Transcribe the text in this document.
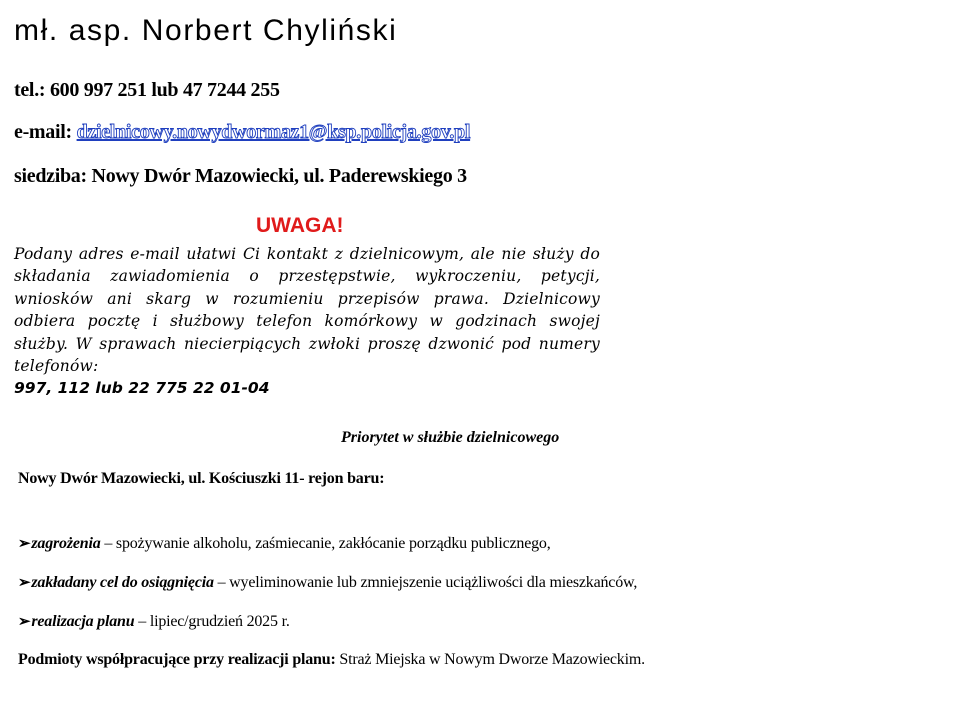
mł. asp. Norbert Chyliński
tel.: 600 997 251 lub 47 7244 255
e-mail: dzielnicowy.nowydwormaz1@ksp.policja.gov.pl
siedziba: Nowy Dwór Mazowiecki, ul. Paderewskiego 3
UWAGA!

Podany adres e-mail ułatwi Ci kontakt z dzielnicowym, ale nie służy do składania zawiadomienia o przestępstwie, wykroczeniu, petycji, wniosków ani skarg w rozumieniu przepisów prawa. Dzielnicowy odbiera pocztę i służbowy telefon komórkowy w godzinach swojej służby. W sprawach niecierpiących zwłoki proszę dzwonić pod numery telefonów:

997, 112 lub 22 775 22 01-04
Priorytet w służbie dzielnicowego
Nowy Dwór Mazowiecki, ul. Kościuszki 11- rejon baru:
➢zagrożenia – spożywanie alkoholu, zaśmiecanie, zakłócanie porządku publicznego,
➢zakładany cel do osiągnięcia – wyeliminowanie lub zmniejszenie uciążliwości dla mieszkańców,
➢realizacja planu – lipiec/grudzień 2025 r.
Podmioty współpracujące przy realizacji planu: Straż Miejska w Nowym Dworze Mazowieckim.
